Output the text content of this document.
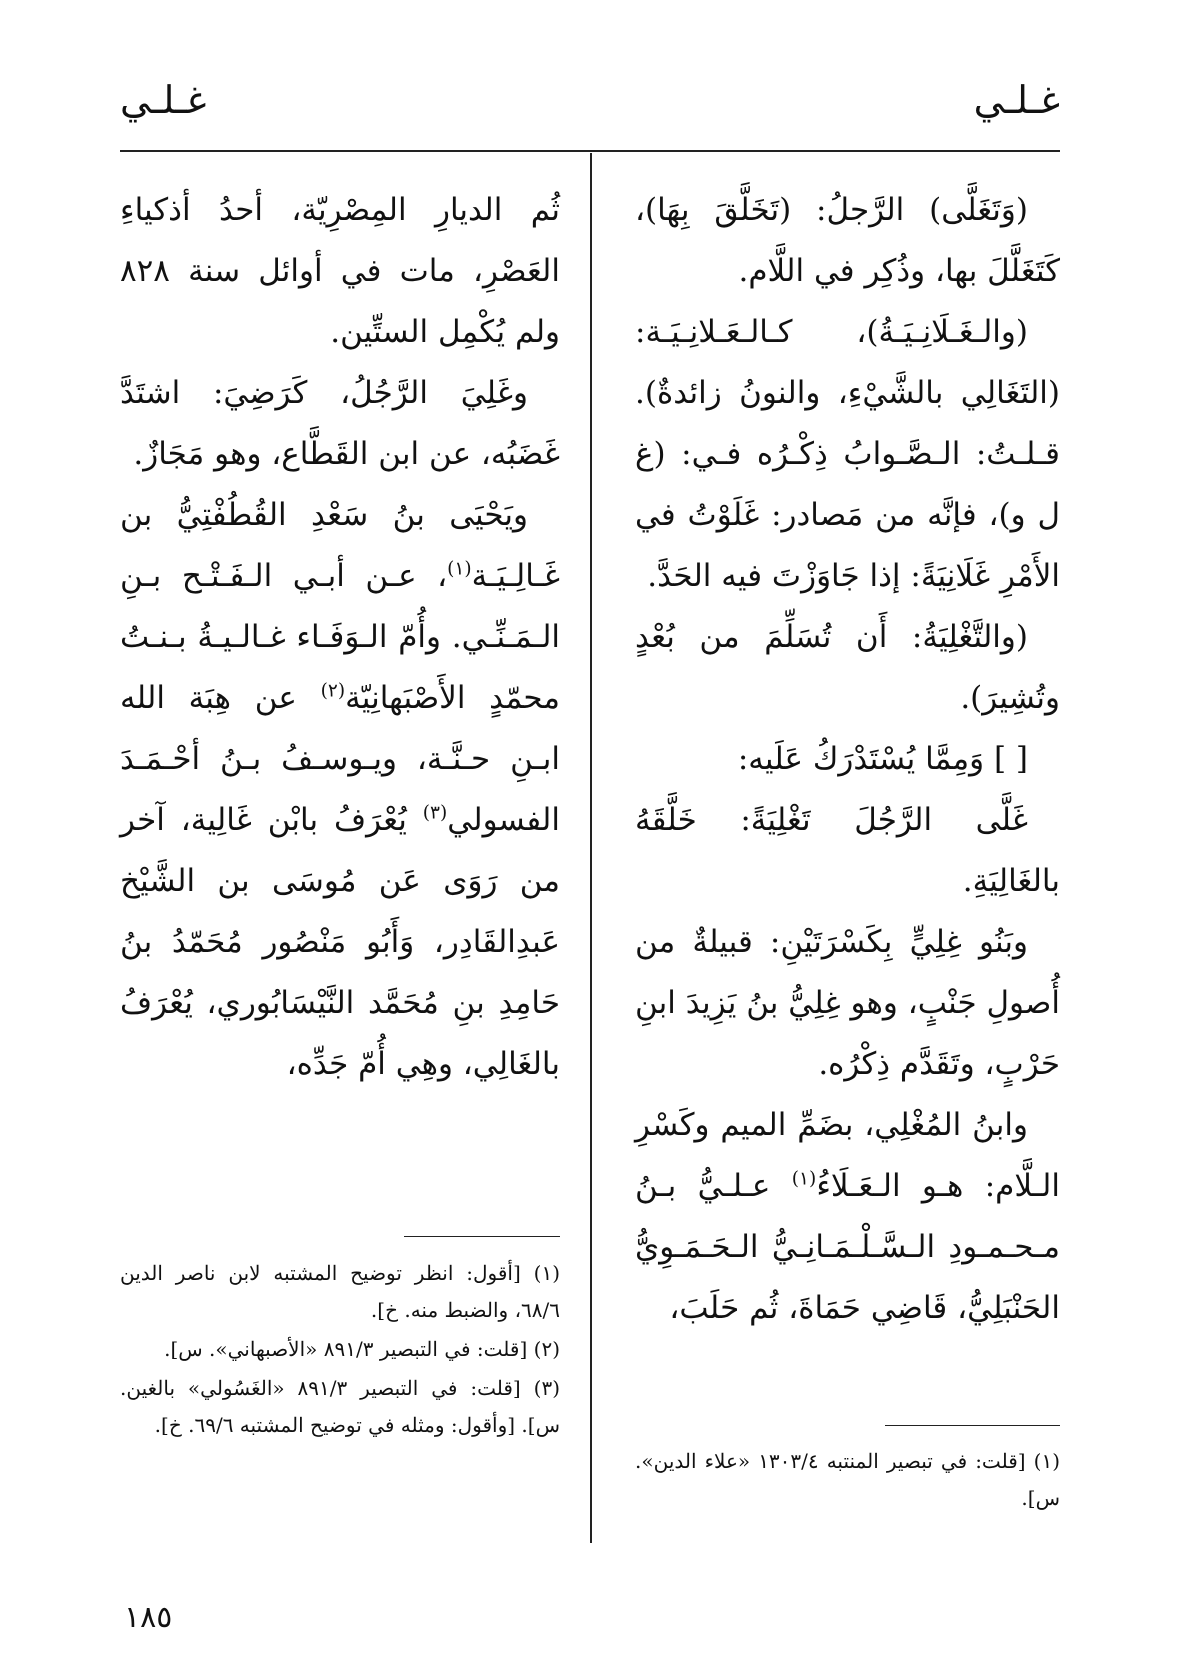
غـلـي
غـلـي

(وَتَغَلَّى) الرَّجلُ: (تَخَلَّقَ بِهَا)، كَتَغَلَّلَ بها، وذُكِر في اللَّام.

(والـغَـلَانِـيَـةُ)، كـالـعَـلانِـيَـة: (التَغَالِي بالشَّيْءِ، والنونُ زائدةٌ). قـلـتُ: الـصَّـوابُ ذِكْـرُه فـي: (غ ل و)، فإنَّه من مَصادر: غَلَوْتُ في الأَمْرِ غَلَانِيَةً: إذا جَاوَزْتَ فيه الحَدَّ.

(والتَّغْلِيَةُ: أَن تُسَلِّمَ من بُعْدٍ وتُشِيرَ).

[ ] وَمِمَّا يُسْتَدْرَكُ عَلَيه:

غَلَّى الرَّجُلَ تَغْلِيَةً: خَلَّقَهُ بالغَالِيَةِ.

وبَنُو غِلِيٍّ بِكَسْرَتَيْنِ: قبيلةٌ من أُصولِ جَنْبٍ، وهو غِلِيُّ بنُ يَزِيدَ ابنِ حَرْبٍ، وتَقَدَّم ذِكْرُه.

وابنُ المُغْلِي، بضَمِّ الميم وكَسْرِ الـلَّام: هـو الـعَـلَاءُ$^{(١)}$ عـلـيُّ بـنُ مـحـمـودِ الـسَّـلْـمَـانِـيُّ الـحَـمَـوِيُّ الحَنْبَلِيُّ، قَاضِي حَمَاةَ، ثُم حَلَبَ،

(١) [قلت: في تبصير المنتبه ١٣٠٣/٤ «علاء الدين». س].

ثُم الديارِ المِصْرِيّة، أحدُ أذكياءِ العَصْرِ، مات في أوائل سنة ٨٢٨ ولم يُكْمِل الستِّين.

وغَلِيَ الرَّجُلُ، كَرَضِيَ: اشتَدَّ غَضَبُه، عن ابن القَطَّاع، وهو مَجَازٌ.

ويَحْيَى بنُ سَعْدِ القُطُفْتِيُّ بن غَـالِـيَـة$^{(١)}$، عـن أبـي الـفَـتْـح بـنِ الـمَـنِّـي. وأُمّ الـوَفَـاء غـالـيـةُ بـنـتُ محمّدٍ الأَصْبَهانِيّة$^{(٢)}$ عن هِبَة الله ابـنِ حـنَّـة، ويـوسـفُ بـنُ أحْـمَـدَ الفسولي$^{(٣)}$ يُعْرَفُ بابْن غَالِية، آخر من رَوَى عَن مُوسَى بن الشَّيْخ عَبدِالقَادِر، وَأَبُو مَنْصُور مُحَمّدُ بنُ حَامِدِ بنِ مُحَمَّد النَّيْسَابُوري، يُعْرَفُ بالغَالِي، وهِي أُمّ جَدِّه،

(١) [أقول: انظر توضيح المشتبه لابن ناصر الدين ٦٨/٦، والضبط منه. خ].

(٢) [قلت: في التبصير ٨٩١/٣ «الأصبهاني». س].

(٣) [قلت: في التبصير ٨٩١/٣ «الغَسُولي» بالغين. س]. [وأقول: ومثله في توضيح المشتبه ٦٩/٦. خ].

١٨٥
